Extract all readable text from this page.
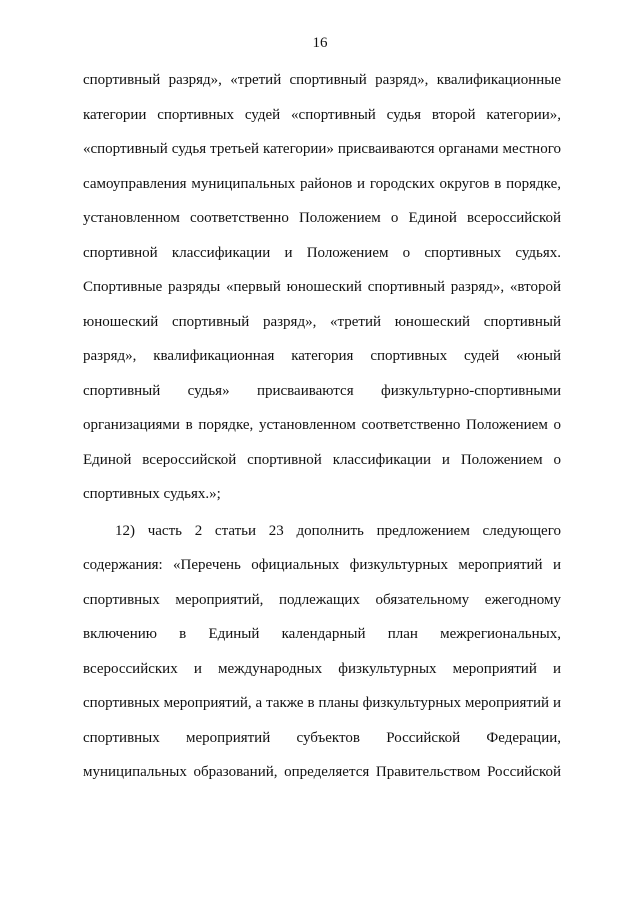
16
спортивный разряд», «третий спортивный разряд», квалификационные
категории спортивных судей «спортивный судья второй категории»,
«спортивный судья третьей категории» присваиваются органами местного
самоуправления муниципальных районов и городских округов в порядке,
установленном соответственно Положением о Единой всероссийской
спортивной классификации и Положением о спортивных судьях.
Спортивные разряды «первый юношеский спортивный разряд», «второй
юношеский спортивный разряд», «третий юношеский спортивный
разряд», квалификационная категория спортивных судей «юный
спортивный судья» присваиваются физкультурно-спортивными
организациями в порядке, установленном соответственно Положением о
Единой всероссийской спортивной классификации и Положением о
спортивных судьях.»;
12) часть 2 статьи 23 дополнить предложением следующего
содержания: «Перечень официальных физкультурных мероприятий и
спортивных мероприятий, подлежащих обязательному ежегодному
включению в Единый календарный план межрегиональных,
всероссийских и международных физкультурных мероприятий и
спортивных мероприятий, а также в планы физкультурных мероприятий и
спортивных мероприятий субъектов Российской Федерации,
муниципальных образований, определяется Правительством Российской
